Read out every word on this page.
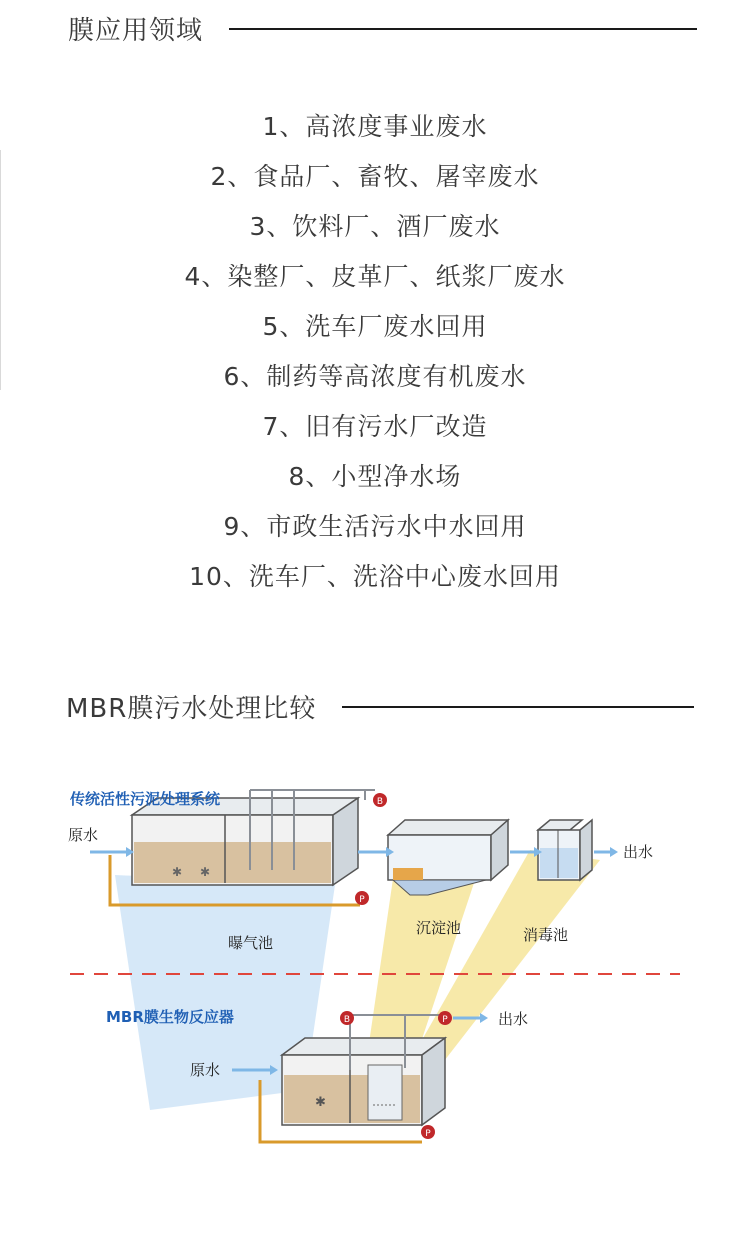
膜应用领域
1、高浓度事业废水
2、食品厂、畜牧、屠宰废水
3、饮料厂、酒厂废水
4、染整厂、皮革厂、纸浆厂废水
5、洗车厂废水回用
6、制药等高浓度有机废水
7、旧有污水厂改造
8、小型净水场
9、市政生活污水中水回用
10、洗车厂、洗浴中心废水回用
MBR膜污水处理比较
✱ ✱
B
P
传统活性污泥处理系统
原水
出水
曝气池
沉淀池	消毒池
MBR膜生物反应器
✱
B	P	出水
原水
P
